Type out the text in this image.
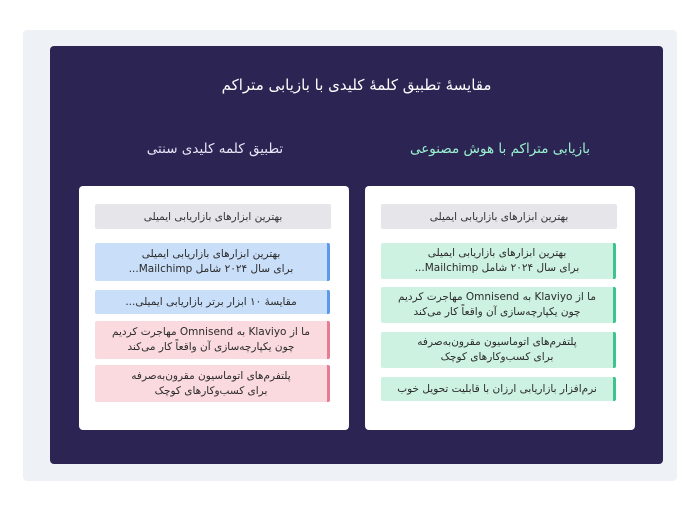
مقایسهٔ تطبیق کلمهٔ کلیدی با بازیابی متراکم
بازیابی متراکم با هوش مصنوعی
تطبیق کلمه کلیدی سنتی
بهترین ابزارهای بازاریابی ایمیلی
بهترین ابزارهای بازاریابی ایمیلی
برای سال ۲۰۲۴ شامل Mailchimp...
ما از Klaviyo به Omnisend مهاجرت کردیم
چون یکپارچه‌سازی آن واقعاً کار می‌کند
پلتفرم‌های اتوماسیون مقرون‌به‌صرفه
برای کسب‌وکارهای کوچک
نرم‌افزار بازاریابی ارزان با قابلیت تحویل خوب
بهترین ابزارهای بازاریابی ایمیلی
بهترین ابزارهای بازاریابی ایمیلی
برای سال ۲۰۲۴ شامل Mailchimp...
مقایسهٔ ۱۰ ابزار برتر بازاریابی ایمیلی...
ما از Klaviyo به Omnisend مهاجرت کردیم
چون یکپارچه‌سازی آن واقعاً کار می‌کند
پلتفرم‌های اتوماسیون مقرون‌به‌صرفه
برای کسب‌وکارهای کوچک
